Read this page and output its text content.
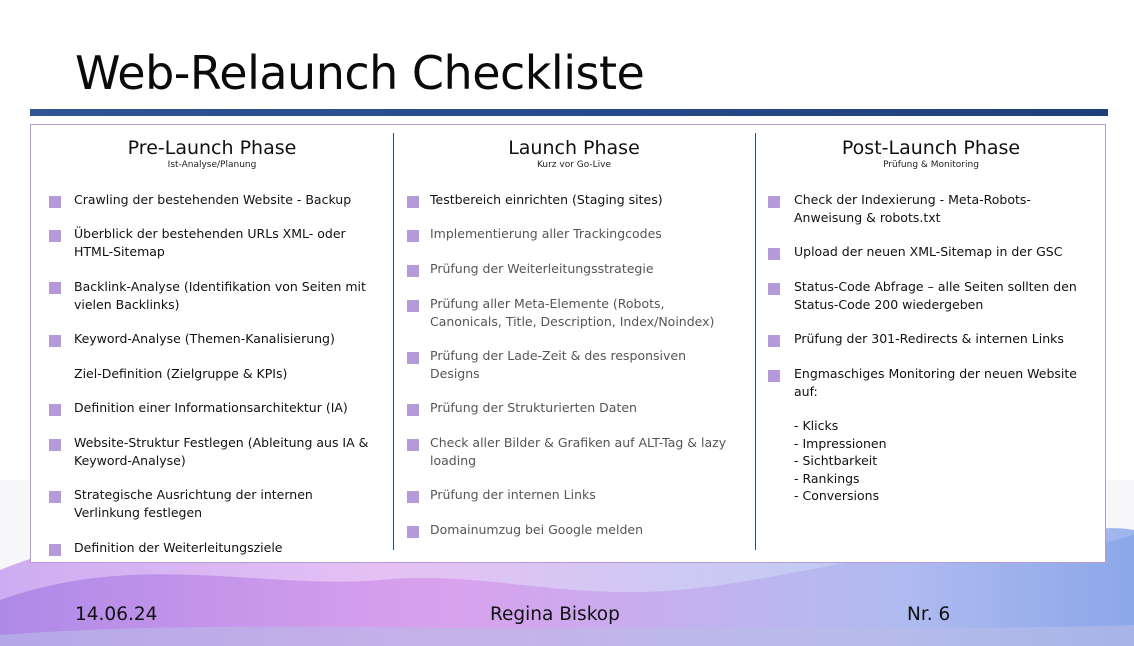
Web-Relaunch Checkliste
Pre-Launch Phase
Ist-Analyse/Planung
Crawling der bestehenden Website - Backup
Überblick der bestehenden URLs XML- oder HTML-Sitemap
Backlink-Analyse (Identifikation von Seiten mit vielen Backlinks)
Keyword-Analyse (Themen-Kanalisierung)
Ziel-Definition (Zielgruppe & KPIs)
Definition einer Informationsarchitektur (IA)
Website-Struktur Festlegen (Ableitung aus IA & Keyword-Analyse)
Strategische Ausrichtung der internen Verlinkung festlegen
Definition der Weiterleitungsziele
Launch Phase
Kurz vor Go-Live
Testbereich einrichten (Staging sites)
Implementierung aller Trackingcodes
Prüfung der Weiterleitungsstrategie
Prüfung aller Meta-Elemente (Robots, Canonicals, Title, Description, Index/Noindex)
Prüfung der Lade-Zeit & des responsiven Designs
Prüfung der Strukturierten Daten
Check aller Bilder & Grafiken auf ALT-Tag & lazy loading
Prüfung der internen Links
Domainumzug bei Google melden
Post-Launch Phase
Prüfung & Monitoring
Check der Indexierung - Meta-Robots-Anweisung & robots.txt
Upload der neuen XML-Sitemap in der GSC
Status-Code Abfrage – alle Seiten sollten den Status-Code 200 wiedergeben
Prüfung der 301-Redirects & internen Links
Engmaschiges Monitoring der neuen Website auf:
- Klicks
- Impressionen
- Sichtbarkeit
- Rankings
- Conversions
14.06.24	Regina Biskop	Nr. 6
